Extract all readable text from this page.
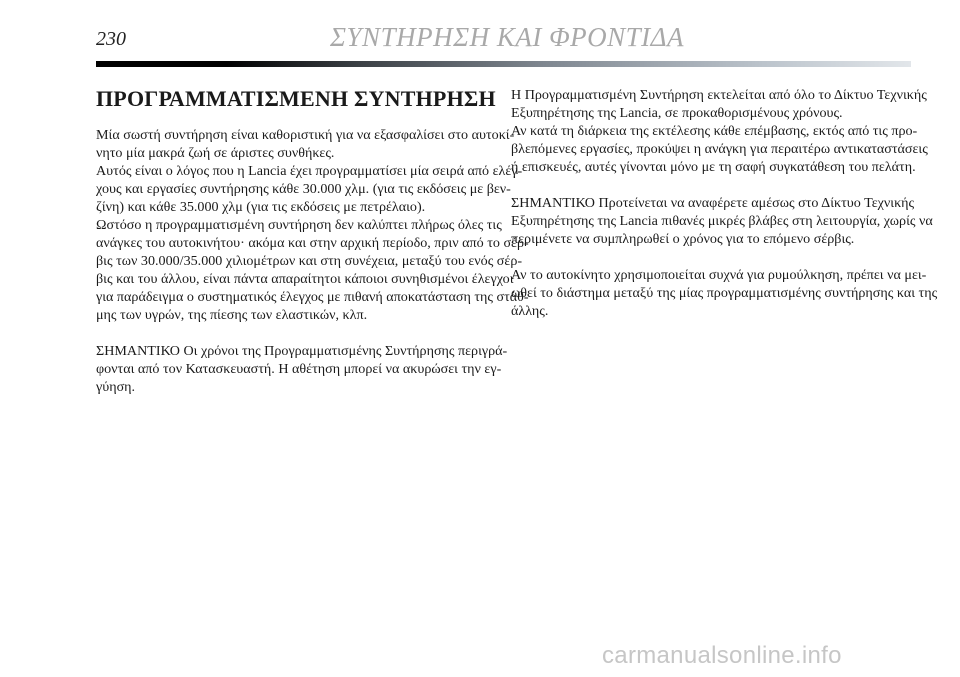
230	ΣΥΝΤΗΡΗΣΗ ΚΑΙ ΦΡΟΝΤΙΔΑ
ΠΡΟΓΡΑΜΜΑΤΙΣΜΕΝΗ ΣΥΝΤΗΡΗΣΗ
Μία σωστή συντήρηση είναι καθοριστική για να εξασφαλίσει στο αυτοκί-
νητο μία μακρά ζωή σε άριστες συνθήκες.
Αυτός είναι ο λόγος που η Lancia έχει προγραμματίσει μία σειρά από ελέγ-
χους και εργασίες συντήρησης κάθε 30.000 χλμ. (για τις εκδόσεις με βεν-
ζίνη) και κάθε 35.000 χλμ (για τις εκδόσεις με πετρέλαιο).
Ωστόσο η προγραμματισμένη συντήρηση δεν καλύπτει πλήρως όλες τις
ανάγκες του αυτοκινήτου· ακόμα και στην αρχική περίοδο, πριν από το σέρ-
βις των 30.000/35.000 χιλιομέτρων και στη συνέχεια, μεταξύ του ενός σέρ-
βις και του άλλου, είναι πάντα απαραίτητοι κάποιοι συνηθισμένοι έλεγχοι
για παράδειγμα ο συστηματικός έλεγχος με πιθανή αποκατάσταση της στάθ-
μης των υγρών, της πίεσης των ελαστικών, κλπ.
ΣΗΜΑΝΤΙΚΟ Οι χρόνοι της Προγραμματισμένης Συντήρησης περιγρά-
φονται από τον Κατασκευαστή. Η αθέτηση μπορεί να ακυρώσει την εγ-
γύηση.
Η Προγραμματισμένη Συντήρηση εκτελείται από όλο το Δίκτυο Τεχνικής
Εξυπηρέτησης της Lancia, σε προκαθορισμένους χρόνους.
Αν κατά τη διάρκεια της εκτέλεσης κάθε επέμβασης, εκτός από τις προ-
βλεπόμενες εργασίες, προκύψει η ανάγκη για περαιτέρω αντικαταστάσεις
ή επισκευές, αυτές γίνονται μόνο με τη σαφή συγκατάθεση του πελάτη.
ΣΗΜΑΝΤΙΚΟ Προτείνεται να αναφέρετε αμέσως στο Δίκτυο Τεχνικής
Εξυπηρέτησης της Lancia πιθανές μικρές βλάβες στη λειτουργία, χωρίς να
περιμένετε να συμπληρωθεί ο χρόνος για το επόμενο σέρβις.
Αν το αυτοκίνητο χρησιμοποιείται συχνά για ρυμούλκηση, πρέπει να μει-
ωθεί το διάστημα μεταξύ της μίας προγραμματισμένης συντήρησης και της
άλλης.
carmanualsonline.info
